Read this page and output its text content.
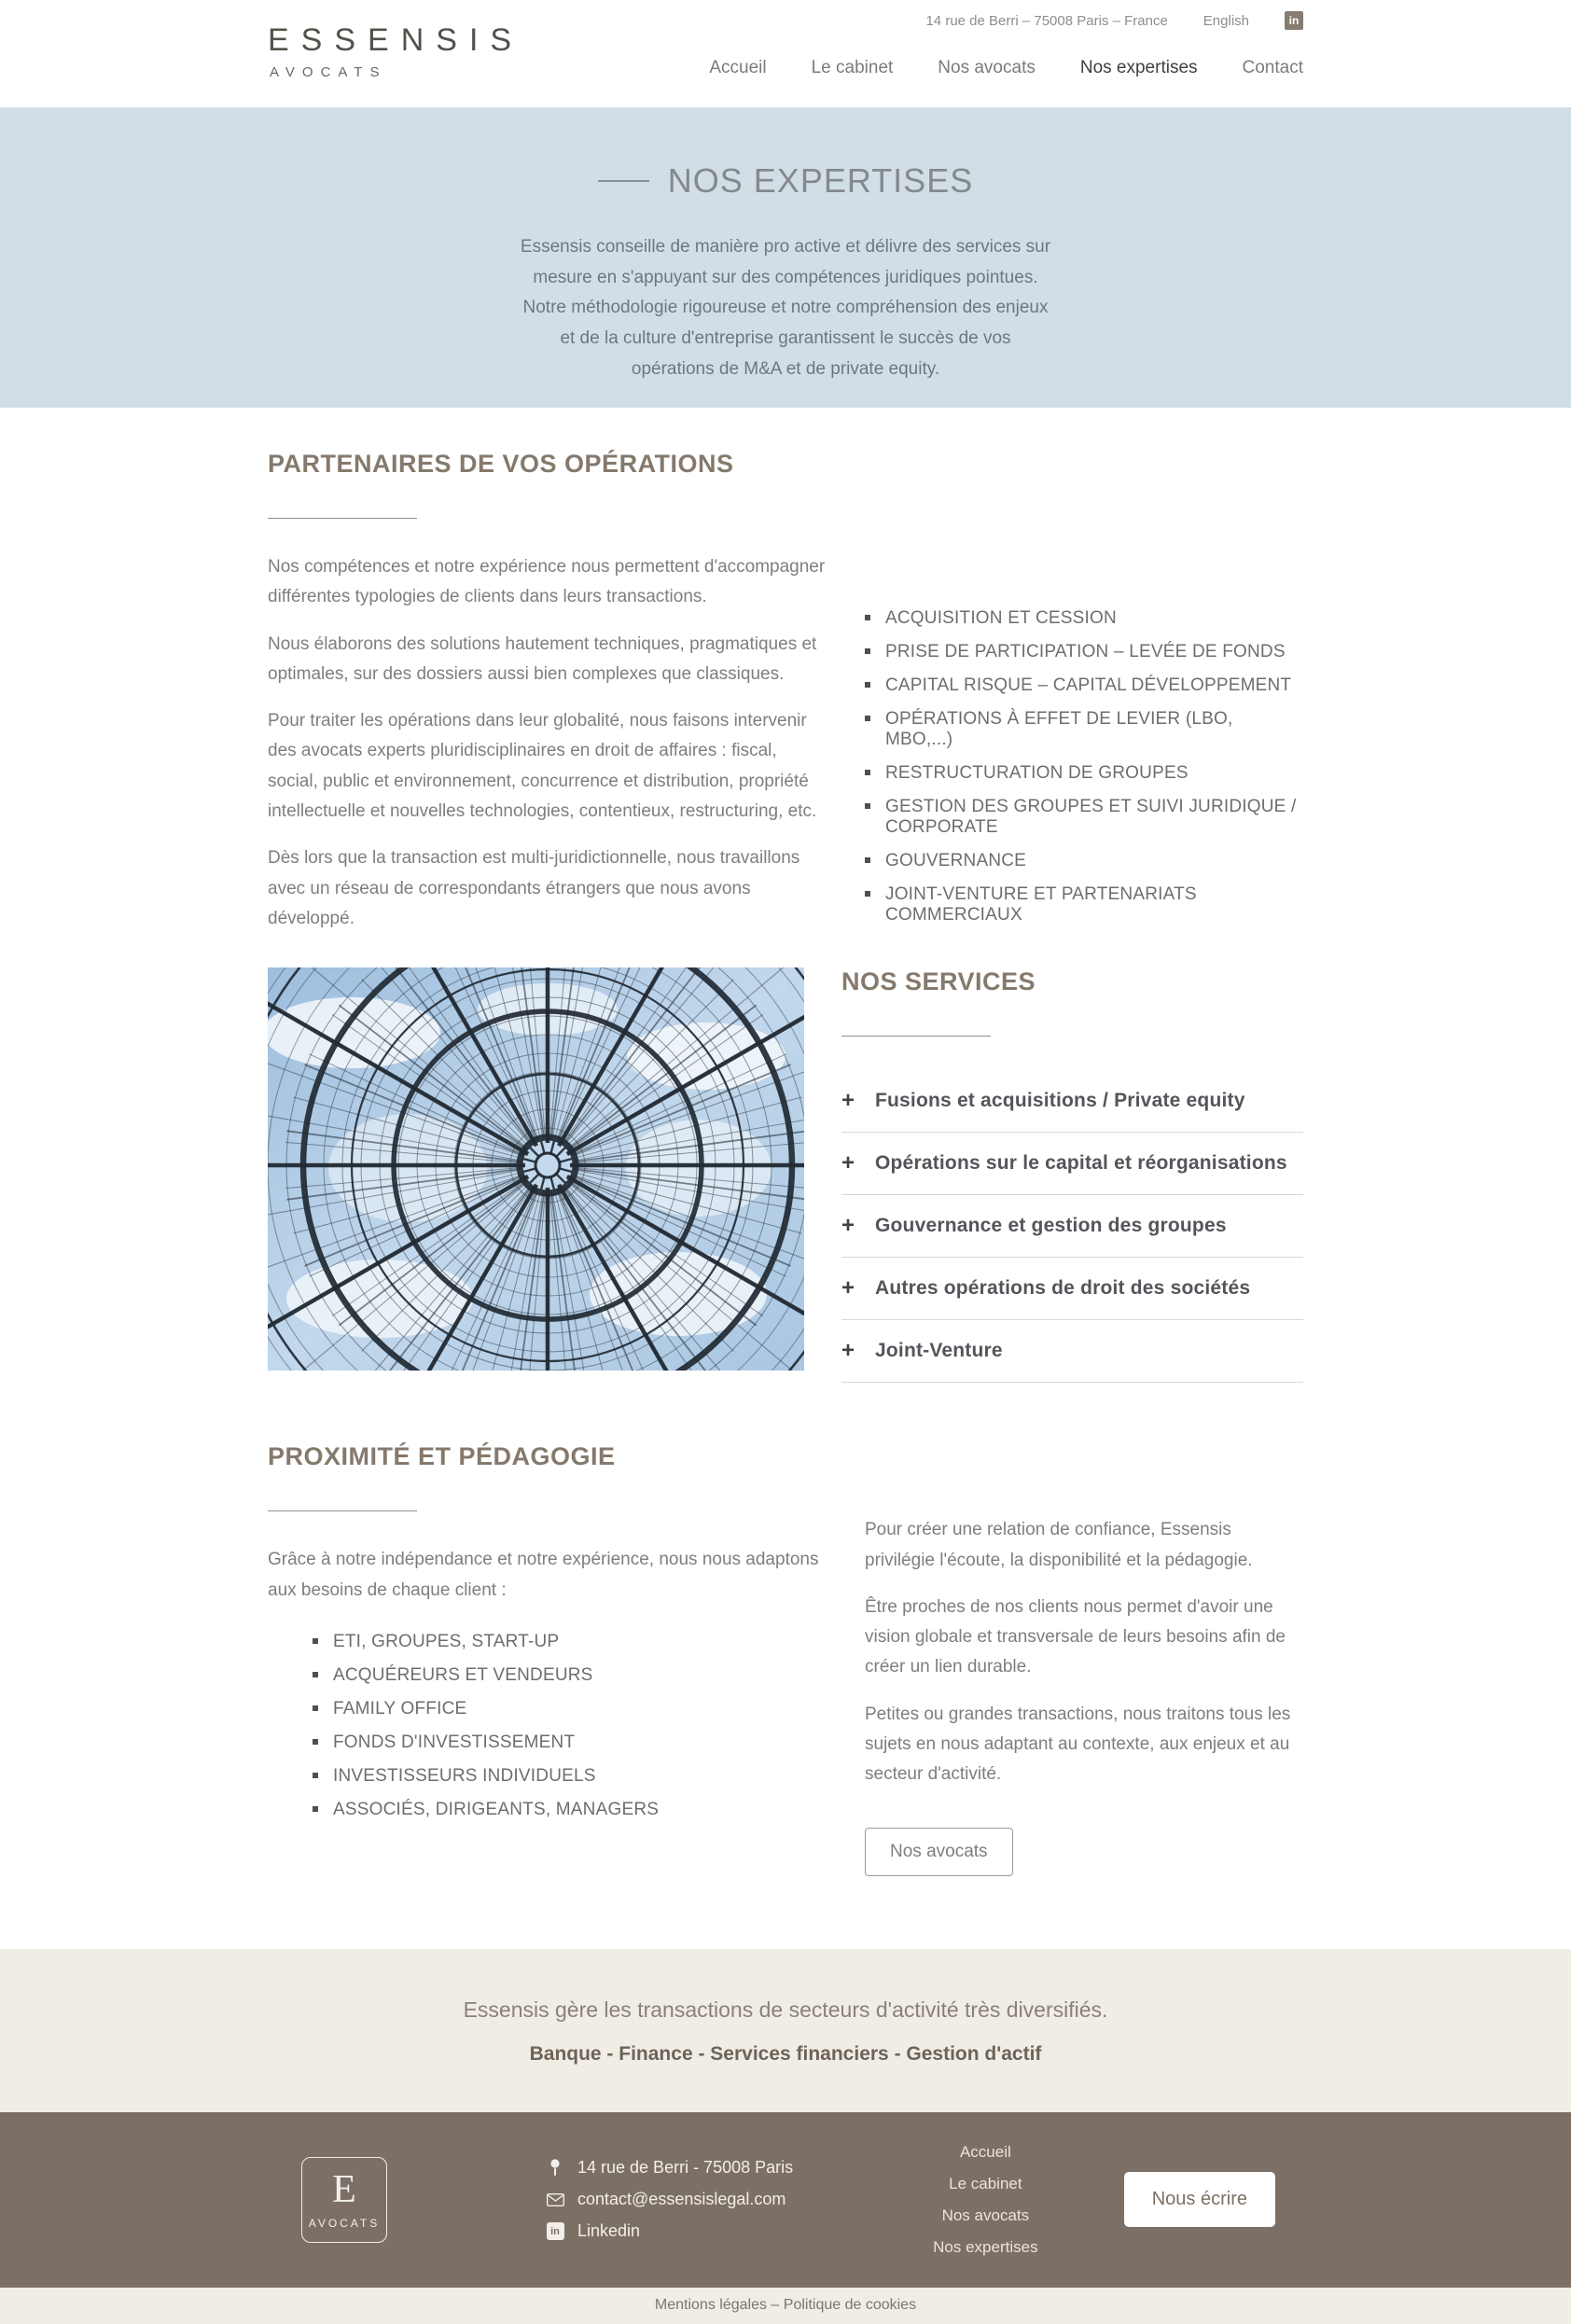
ESSENSIS
AVOCATS
14 rue de Berri – 75008 Paris – France	English	in
Accueil	Le cabinet	Nos avocats	Nos expertises	Contact
NOS EXPERTISES

Essensis conseille de manière pro active et délivre des services sur mesure en s'appuyant sur des compétences juridiques pointues. Notre méthodologie rigoureuse et notre compréhension des enjeux et de la culture d'entreprise garantissent le succès de vos opérations de M&A et de private equity.

PARTENAIRES DE VOS OPÉRATIONS

Nos compétences et notre expérience nous permettent d'accompagner différentes typologies de clients dans leurs transactions.

Nous élaborons des solutions hautement techniques, pragmatiques et optimales, sur des dossiers aussi bien complexes que classiques.

Pour traiter les opérations dans leur globalité, nous faisons intervenir des avocats experts pluridisciplinaires en droit de affaires : fiscal, social, public et environnement, concurrence et distribution, propriété intellectuelle et nouvelles technologies, contentieux, restructuring, etc.

Dès lors que la transaction est multi-juridictionnelle, nous travaillons avec un réseau de correspondants étrangers que nous avons développé.

ACQUISITION ET CESSION
PRISE DE PARTICIPATION – LEVÉE DE FONDS
CAPITAL RISQUE – CAPITAL DÉVELOPPEMENT
OPÉRATIONS À EFFET DE LEVIER (LBO, MBO,...)
RESTRUCTURATION DE GROUPES
GESTION DES GROUPES ET SUIVI JURIDIQUE / CORPORATE
GOUVERNANCE
JOINT-VENTURE ET PARTENARIATS COMMERCIAUX
NOS SERVICES
+	Fusions et acquisitions / Private equity
+	Opérations sur le capital et réorganisations
+	Gouvernance et gestion des groupes
+	Autres opérations de droit des sociétés
+	Joint-Venture
PROXIMITÉ ET PÉDAGOGIE

Grâce à notre indépendance et notre expérience, nous nous adaptons aux besoins de chaque client :

ETI, GROUPES, START-UP
ACQUÉREURS ET VENDEURS
FAMILY OFFICE
FONDS D'INVESTISSEMENT
INVESTISSEURS INDIVIDUELS
ASSOCIÉS, DIRIGEANTS, MANAGERS

Pour créer une relation de confiance, Essensis privilégie l'écoute, la disponibilité et la pédagogie.

Être proches de nos clients nous permet d'avoir une vision globale et transversale de leurs besoins afin de créer un lien durable.

Petites ou grandes transactions, nous traitons tous les sujets en nous adaptant au contexte, aux enjeux et au secteur d'activité.

Nos avocats
Essensis gère les transactions de secteurs d'activité très diversifiés.
Banque - Finance - Services financiers - Gestion d'actif
E
AVOCATS
14 rue de Berri - 75008 Paris
contact@essensislegal.com
in Linkedin
Accueil
Le cabinet
Nos avocats
Nos expertises
Nous écrire
Mentions légales – Politique de cookies
